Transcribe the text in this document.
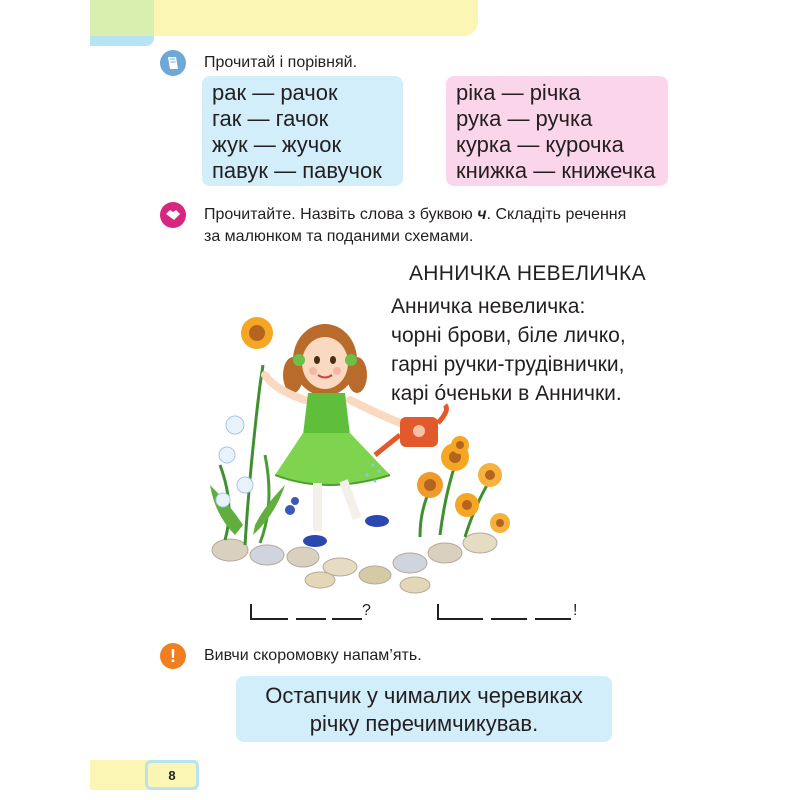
Прочитай і порівняй.
рак — рачок
гак — гачок
жук — жучок
павук — павучок
ріка — річка
рука — ручка
курка — курочка
книжка — книжечка
Прочитайте. Назвіть слова з буквою ч. Складіть речення
за малюнком та поданими схемами.
АННИЧКА НЕВЕЛИЧКА
Анничка невеличка:
чорні брови, біле личко,
гарні ручки-трудівнички,
карі óченьки в Аннички.
?	!
!	Вивчи скоромовку напам’ять.
Остапчик у чималих черевиках
річку перечимчикував.
8
